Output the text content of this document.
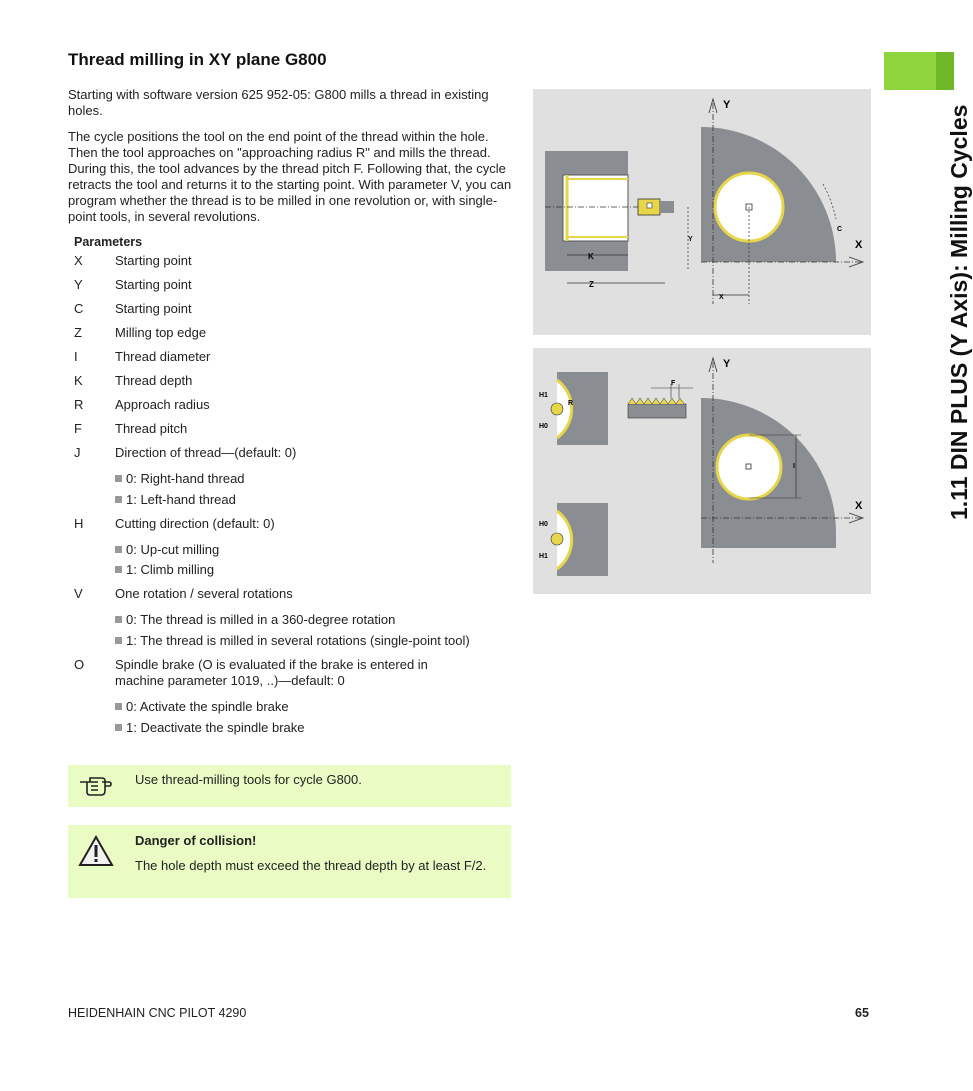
Thread milling in XY plane G800

Starting with software version 625 952-05: G800 mills a thread in existing holes.

The cycle positions the tool on the end point of the thread within the hole. Then the tool approaches on "approaching radius R" and mills the thread. During this, the tool advances by the thread pitch F. Following that, the cycle retracts the tool and returns it to the starting point. With parameter V, you can program whether the thread is to be milled in one revolution or, with single-point tools, in several revolutions.

Parameters
X	Starting point
Y	Starting point
C	Starting point
Z	Milling top edge
I	Thread diameter
K	Thread depth
R	Approach radius
F	Thread pitch
J	Direction of thread—(default: 0)
0: Right-hand thread
1: Left-hand thread
H	Cutting direction (default: 0)
0: Up-cut milling
1: Climb milling
V	One rotation / several rotations
0: The thread is milled in a 360-degree rotation
1: The thread is milled in several rotations (single-point tool)
O	Spindle brake (O is evaluated if the brake is entered in machine parameter 1019, ..)—default: 0
0: Activate the spindle brake
1: Deactivate the spindle brake
Use thread-milling tools for cycle G800.
Danger of collision!
The hole depth must exceed the thread depth by at least F/2.
1.11 DIN PLUS (Y Axis): Milling Cycles
K
Z
Y
X
Y
X
C
H1
H0
R
H0
H1
F
I
Y
X
HEIDENHAIN CNC PILOT 4290	65
